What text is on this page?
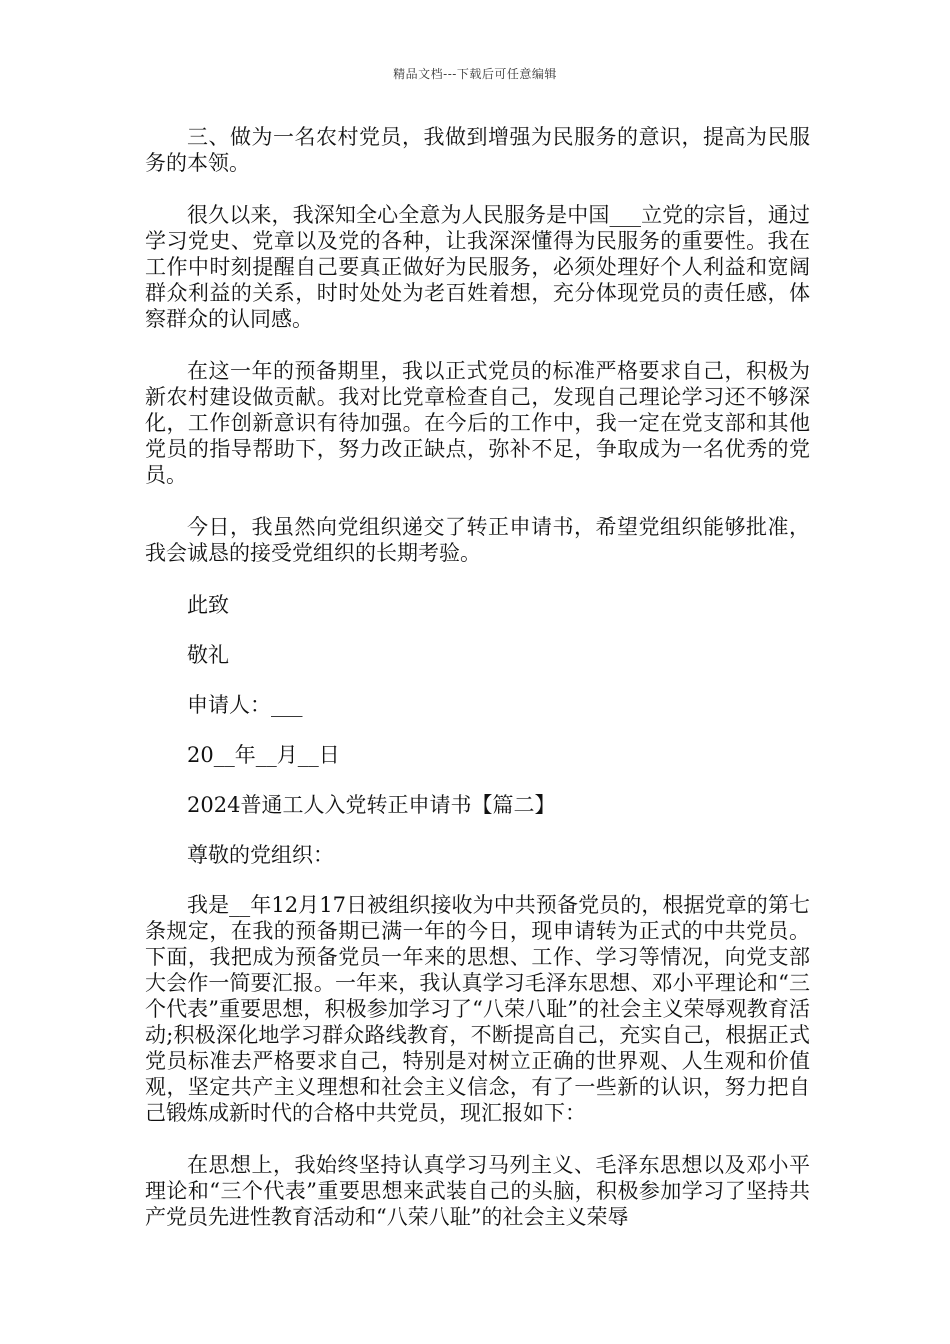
精品文档---下载后可任意编辑

三、做为一名农村党员，我做到增强为民服务的意识，提高为民服务的本领。

很久以来，我深知全心全意为人民服务是中国___立党的宗旨，通过学习党史、党章以及党的各种，让我深深懂得为民服务的重要性。我在工作中时刻提醒自己要真正做好为民服务，必须处理好个人利益和宽阔群众利益的关系，时时处处为老百姓着想，充分体现党员的责任感，体察群众的认同感。

在这一年的预备期里，我以正式党员的标准严格要求自己，积极为新农村建设做贡献。我对比党章检查自己，发现自己理论学习还不够深化，工作创新意识有待加强。在今后的工作中，我一定在党支部和其他党员的指导帮助下，努力改正缺点，弥补不足，争取成为一名优秀的党员。

今日，我虽然向党组织递交了转正申请书，希望党组织能够批准，我会诚恳的接受党组织的长期考验。

此致

敬礼

申请人：___

20__年__月__日

2024普通工人入党转正申请书【篇二】

尊敬的党组织：

我是__年12月17日被组织接收为中共预备党员的，根据党章的第七条规定，在我的预备期已满一年的今日，现申请转为正式的中共党员。下面，我把成为预备党员一年来的思想、工作、学习等情况，向党支部大会作一简要汇报。一年来，我认真学习毛泽东思想、邓小平理论和“三个代表”重要思想，积极参加学习了“八荣八耻”的社会主义荣辱观教育活动;积极深化地学习群众路线教育，不断提高自己，充实自己，根据正式党员标准去严格要求自己，特别是对树立正确的世界观、人生观和价值观，坚定共产主义理想和社会主义信念，有了一些新的认识，努力把自己锻炼成新时代的合格中共党员，现汇报如下：

在思想上，我始终坚持认真学习马列主义、毛泽东思想以及邓小平理论和“三个代表”重要思想来武装自己的头脑，积极参加学习了坚持共 产党员先进性教育活动和“八荣八耻”的社会主义荣辱
